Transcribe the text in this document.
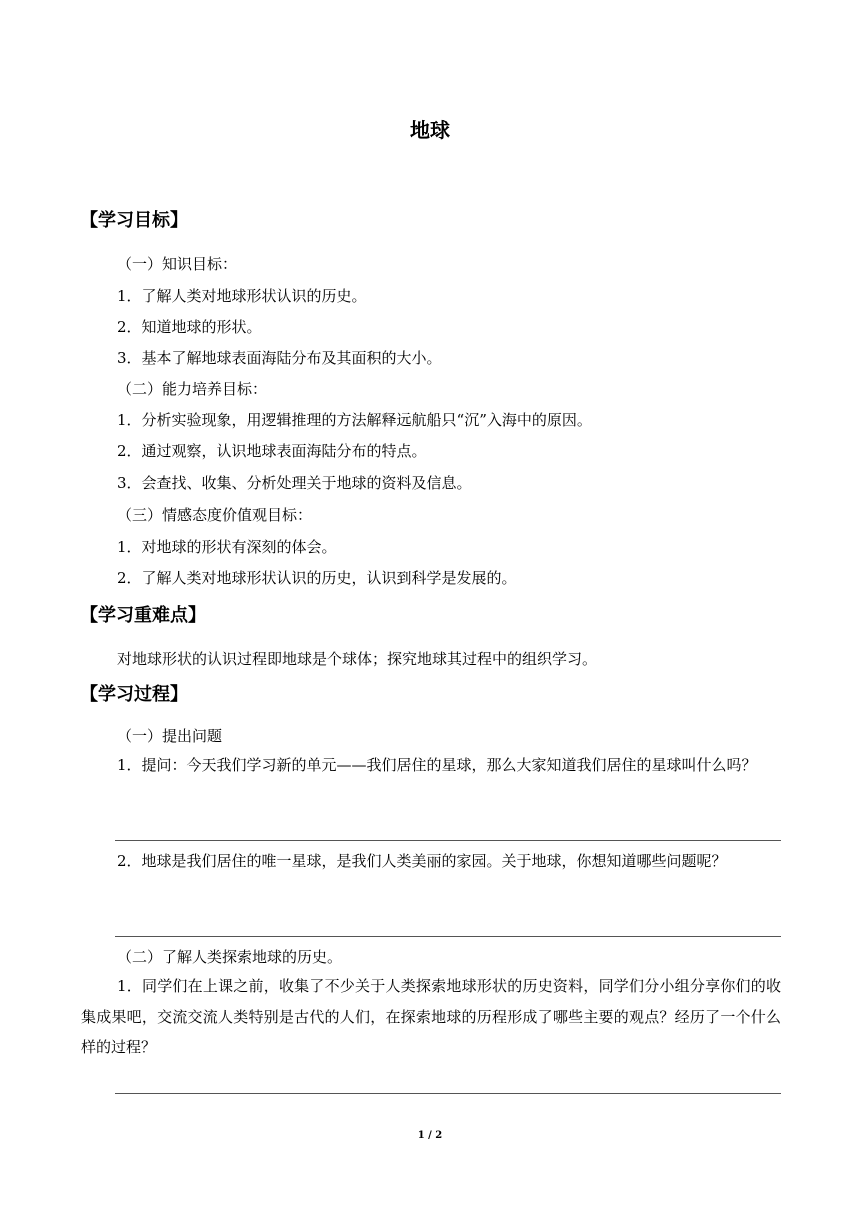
地球
【学习目标】
（一）知识目标：
1．了解人类对地球形状认识的历史。
2．知道地球的形状。
3．基本了解地球表面海陆分布及其面积的大小。
（二）能力培养目标：
1．分析实验现象，用逻辑推理的方法解释远航船只“沉”入海中的原因。
2．通过观察，认识地球表面海陆分布的特点。
3．会查找、收集、分析处理关于地球的资料及信息。
（三）情感态度价值观目标：
1．对地球的形状有深刻的体会。
2．了解人类对地球形状认识的历史，认识到科学是发展的。
【学习重难点】
对地球形状的认识过程即地球是个球体；探究地球其过程中的组织学习。
【学习过程】
（一）提出问题
1．提问：今天我们学习新的单元——我们居住的星球，那么大家知道我们居住的星球叫什么吗？
2．地球是我们居住的唯一星球，是我们人类美丽的家园。关于地球，你想知道哪些问题呢？
（二）了解人类探索地球的历史。
1．同学们在上课之前，收集了不少关于人类探索地球形状的历史资料，同学们分小组分享你们的收集成果吧，交流交流人类特别是古代的人们，在探索地球的历程形成了哪些主要的观点？经历了一个什么样的过程？
1 / 2
